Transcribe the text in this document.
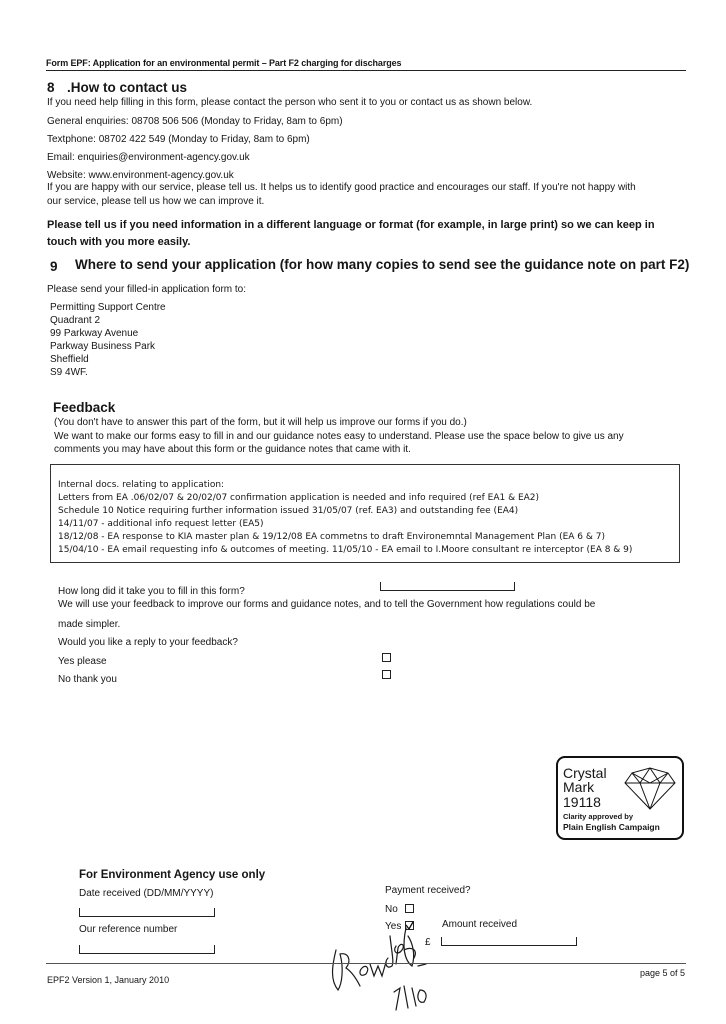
Form EPF: Application for an environmental permit – Part F2 charging for discharges
8 .How to contact us
If you need help filling in this form, please contact the person who sent it to you or contact us as shown below.
General enquiries: 08708 506 506 (Monday to Friday, 8am to 6pm)
Textphone: 08702 422 549 (Monday to Friday, 8am to 6pm)
Email: enquiries@environment-agency.gov.uk
Website: www.environment-agency.gov.uk
If you are happy with our service, please tell us. It helps us to identify good practice and encourages our staff. If you're not happy with
our service, please tell us how we can improve it.
Please tell us if you need information in a different language or format (for example, in large print) so we can keep in
touch with you more easily.
9 Where to send your application (for how many copies to send see the guidance note on part F2)
Please send your filled-in application form to:
Permitting Support Centre
Quadrant 2
99 Parkway Avenue
Parkway Business Park
Sheffield
S9 4WF.
Feedback
(You don't have to answer this part of the form, but it will help us improve our forms if you do.)
We want to make our forms easy to fill in and our guidance notes easy to understand. Please use the space below to give us any
comments you may have about this form or the guidance notes that came with it.
Internal docs. relating to application:
Letters from EA .06/02/07 & 20/02/07 confirmation application is needed and info required (ref EA1 & EA2)
Schedule 10 Notice requiring further information issued 31/05/07 (ref. EA3) and outstanding fee (EA4)
14/11/07 - additional info request letter (EA5)
18/12/08 - EA response to KIA master plan & 19/12/08 EA commetns to draft Environemntal Management Plan (EA 6 & 7)
15/04/10 - EA email requesting info & outcomes of meeting. 11/05/10 - EA email to I.Moore consultant re interceptor (EA 8 & 9)
How long did it take you to fill in this form?
We will use your feedback to improve our forms and guidance notes, and to tell the Government how regulations could be
made simpler.
Would you like a reply to your feedback?
Yes please
No thank you
Crystal
Mark
19118
Clarity approved by
Plain English Campaign
For Environment Agency use only
Date received (DD/MM/YYYY)
Our reference number
Payment received?
No
Yes	Amount received
£
EPF2 Version 1, January 2010
page 5 of 5
